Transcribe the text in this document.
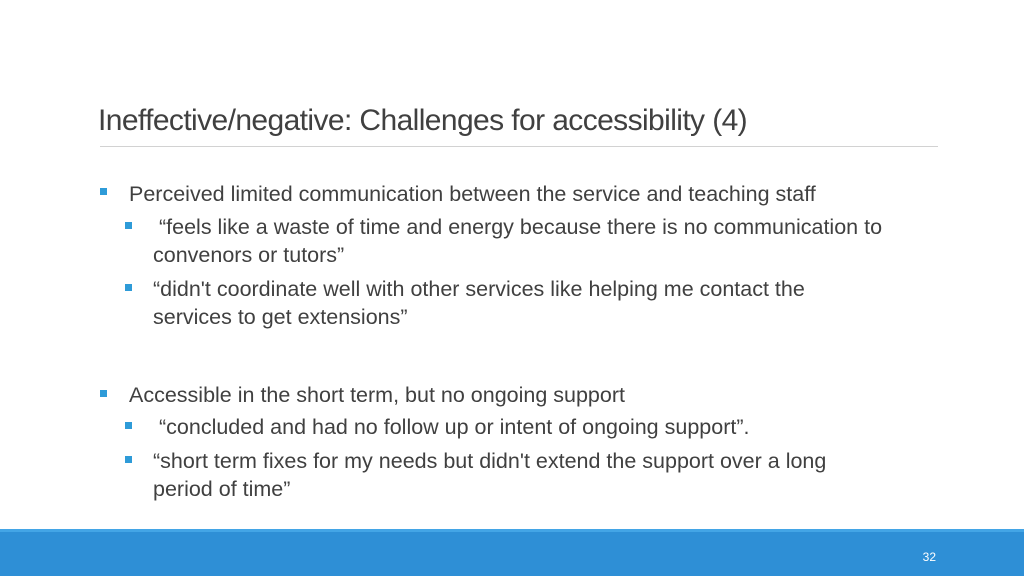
Ineffective/negative: Challenges for accessibility (4)
Perceived limited communication between the service and teaching staff
“feels like a waste of time and energy because there is no communication to
convenors or tutors”
“didn't coordinate well with other services like helping me contact the
services to get extensions”
Accessible in the short term, but no ongoing support
“concluded and had no follow up or intent of ongoing support”.
“short term fixes for my needs but didn't extend the support over a long
period of time”
32
